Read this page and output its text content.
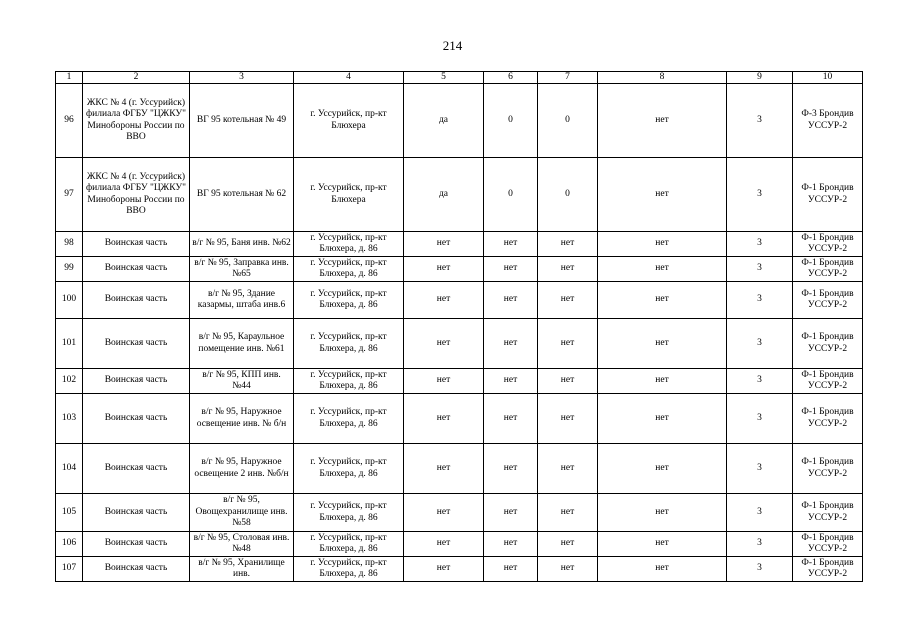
214
1	2	3	4	5	6	7	8	9	10
96	ЖКС № 4 (г. Уссурийск) филиала ФГБУ "ЦЖКУ" Минобороны России по ВВО	ВГ 95 котельная № 49	г. Уссурийск, пр-кт Блюхера	да	0	0	нет	3	Ф-3 Брондив УССУР-2
97	ЖКС № 4 (г. Уссурийск) филиала ФГБУ "ЦЖКУ" Минобороны России по ВВО	ВГ 95 котельная № 62	г. Уссурийск, пр-кт Блюхера	да	0	0	нет	3	Ф-1 Брондив УССУР-2
98	Воинская часть	в/г № 95, Баня инв. №62	г. Уссурийск, пр-кт Блюхера, д. 86	нет	нет	нет	нет	3	Ф-1 Брондив УССУР-2
99	Воинская часть	в/г № 95, Заправка инв. №65	г. Уссурийск, пр-кт Блюхера, д. 86	нет	нет	нет	нет	3	Ф-1 Брондив УССУР-2
100	Воинская часть	в/г № 95, Здание казармы, штаба инв.6	г. Уссурийск, пр-кт Блюхера, д. 86	нет	нет	нет	нет	3	Ф-1 Брондив УССУР-2
101	Воинская часть	в/г № 95, Караульное помещение инв. №61	г. Уссурийск, пр-кт Блюхера, д. 86	нет	нет	нет	нет	3	Ф-1 Брондив УССУР-2
102	Воинская часть	в/г № 95, КПП инв. №44	г. Уссурийск, пр-кт Блюхера, д. 86	нет	нет	нет	нет	3	Ф-1 Брондив УССУР-2
103	Воинская часть	в/г № 95, Наружное освещение инв. № б/н	г. Уссурийск, пр-кт Блюхера, д. 86	нет	нет	нет	нет	3	Ф-1 Брондив УССУР-2
104	Воинская часть	в/г № 95, Наружное освещение 2 инв. №б/н	г. Уссурийск, пр-кт Блюхера, д. 86	нет	нет	нет	нет	3	Ф-1 Брондив УССУР-2
105	Воинская часть	в/г № 95, Овощехранилище инв. №58	г. Уссурийск, пр-кт Блюхера, д. 86	нет	нет	нет	нет	3	Ф-1 Брондив УССУР-2
106	Воинская часть	в/г № 95, Столовая инв. №48	г. Уссурийск, пр-кт Блюхера, д. 86	нет	нет	нет	нет	3	Ф-1 Брондив УССУР-2
107	Воинская часть	в/г № 95, Хранилище инв.	г. Уссурийск, пр-кт Блюхера, д. 86	нет	нет	нет	нет	3	Ф-1 Брондив УССУР-2
